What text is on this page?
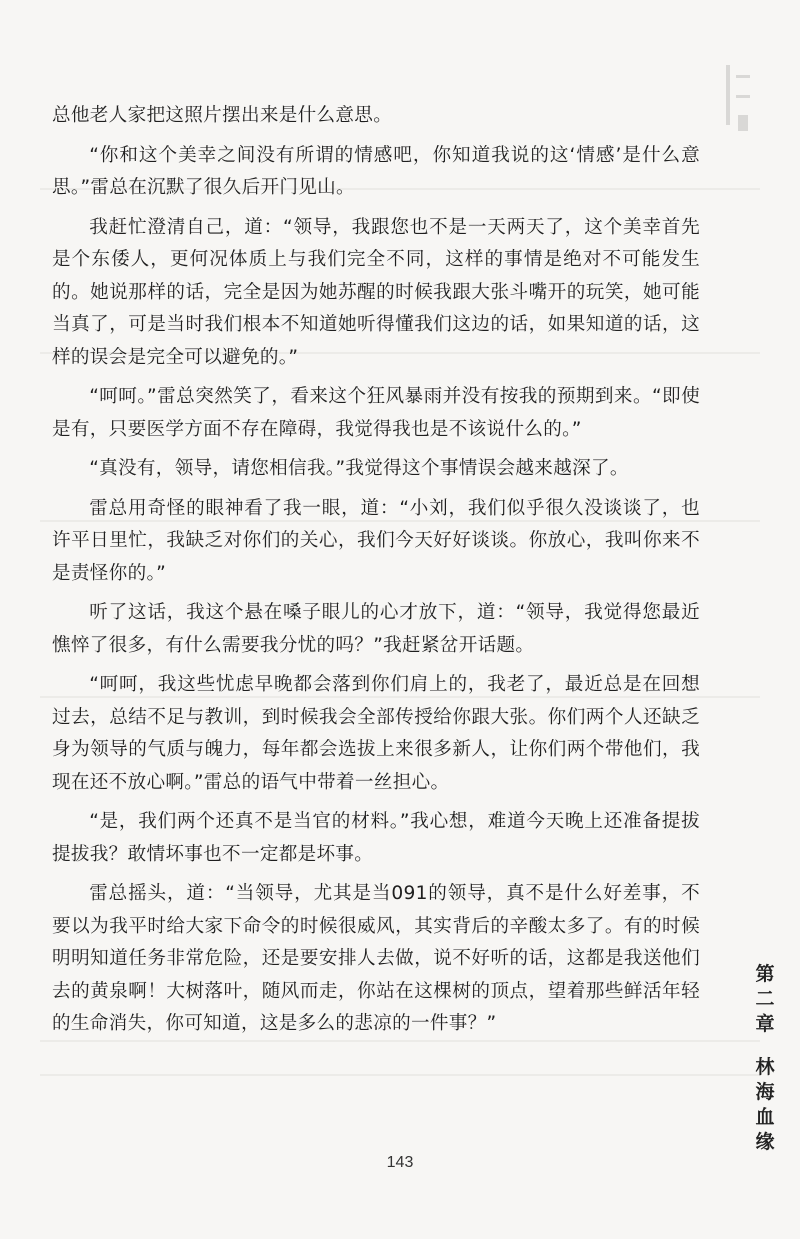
总他老人家把这照片摆出来是什么意思。

“你和这个美幸之间没有所谓的情感吧，你知道我说的这‘情感’是什么意思。”雷总在沉默了很久后开门见山。

我赶忙澄清自己，道：“领导，我跟您也不是一天两天了，这个美幸首先是个东倭人，更何况体质上与我们完全不同，这样的事情是绝对不可能发生的。她说那样的话，完全是因为她苏醒的时候我跟大张斗嘴开的玩笑，她可能当真了，可是当时我们根本不知道她听得懂我们这边的话，如果知道的话，这样的误会是完全可以避免的。”

“呵呵。”雷总突然笑了，看来这个狂风暴雨并没有按我的预期到来。“即使是有，只要医学方面不存在障碍，我觉得我也是不该说什么的。”

“真没有，领导，请您相信我。”我觉得这个事情误会越来越深了。

雷总用奇怪的眼神看了我一眼，道：“小刘，我们似乎很久没谈谈了，也许平日里忙，我缺乏对你们的关心，我们今天好好谈谈。你放心，我叫你来不是责怪你的。”

听了这话，我这个悬在嗓子眼儿的心才放下，道：“领导，我觉得您最近憔悴了很多，有什么需要我分忧的吗？”我赶紧岔开话题。

“呵呵，我这些忧虑早晚都会落到你们肩上的，我老了，最近总是在回想过去，总结不足与教训，到时候我会全部传授给你跟大张。你们两个人还缺乏身为领导的气质与魄力，每年都会选拔上来很多新人，让你们两个带他们，我现在还不放心啊。”雷总的语气中带着一丝担心。

“是，我们两个还真不是当官的材料。”我心想，难道今天晚上还准备提拔提拔我？敢情坏事也不一定都是坏事。

雷总摇头，道：“当领导，尤其是当091的领导，真不是什么好差事，不要以为我平时给大家下命令的时候很威风，其实背后的辛酸太多了。有的时候明明知道任务非常危险，还是要安排人去做，说不好听的话，这都是我送他们去的黄泉啊！大树落叶，随风而走，你站在这棵树的顶点，望着那些鲜活年轻的生命消失，你可知道，这是多么的悲凉的一件事？”

第
二
章
林
海
血
缘
143
